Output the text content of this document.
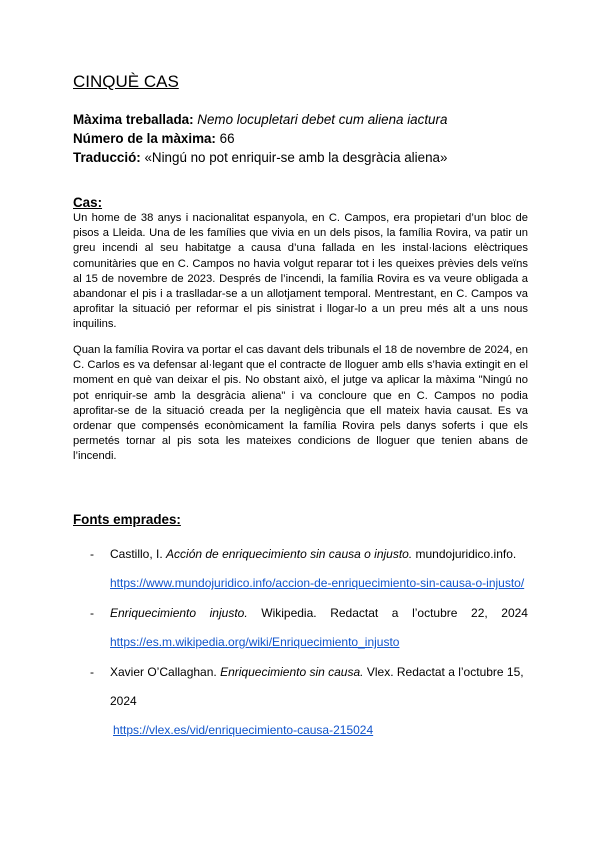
CINQUÈ CAS
Màxima treballada: Nemo locupletari debet cum aliena iactura
Número de la màxima: 66
Traducció: «Ningú no pot enriquir-se amb la desgràcia aliena»
Cas:

Un home de 38 anys i nacionalitat espanyola, en C. Campos, era propietari d’un bloc de pisos a Lleida. Una de les famílies que vivia en un dels pisos, la família Rovira, va patir un greu incendi al seu habitatge a causa d’una fallada en les instal·lacions elèctriques comunitàries que en C. Campos no havia volgut reparar tot i les queixes prèvies dels veïns al 15 de novembre de 2023. Després de l’incendi, la família Rovira es va veure obligada a abandonar el pis i a traslladar-se a un allotjament temporal. Mentrestant, en C. Campos va aprofitar la situació per reformar el pis sinistrat i llogar-lo a un preu més alt a uns nous inquilins.

Quan la família Rovira va portar el cas davant dels tribunals el 18 de novembre de 2024, en C. Carlos es va defensar al·legant que el contracte de lloguer amb ells s’havia extingit en el moment en què van deixar el pis. No obstant això, el jutge va aplicar la màxima "Ningú no pot enriquir-se amb la desgràcia aliena" i va concloure que en C. Campos no podia aprofitar-se de la situació creada per la negligència que ell mateix havia causat. Es va ordenar que compensés econòmicament la família Rovira pels danys soferts i que els permetés tornar al pis sota les mateixes condicions de lloguer que tenien abans de l’incendi.

Fonts emprades:
- Castillo, I. Acción de enriquecimiento sin causa o injusto. mundojuridico.info.
https://www.mundojuridico.info/accion-de-enriquecimiento-sin-causa-o-injusto/
- Enriquecimiento injusto. Wikipedia. Redactat a l’octubre 22, 2024
https://es.m.wikipedia.org/wiki/Enriquecimiento_injusto
- Xavier O’Callaghan. Enriquecimiento sin causa. Vlex. Redactat a l’octubre 15,
2024
https://vlex.es/vid/enriquecimiento-causa-215024
